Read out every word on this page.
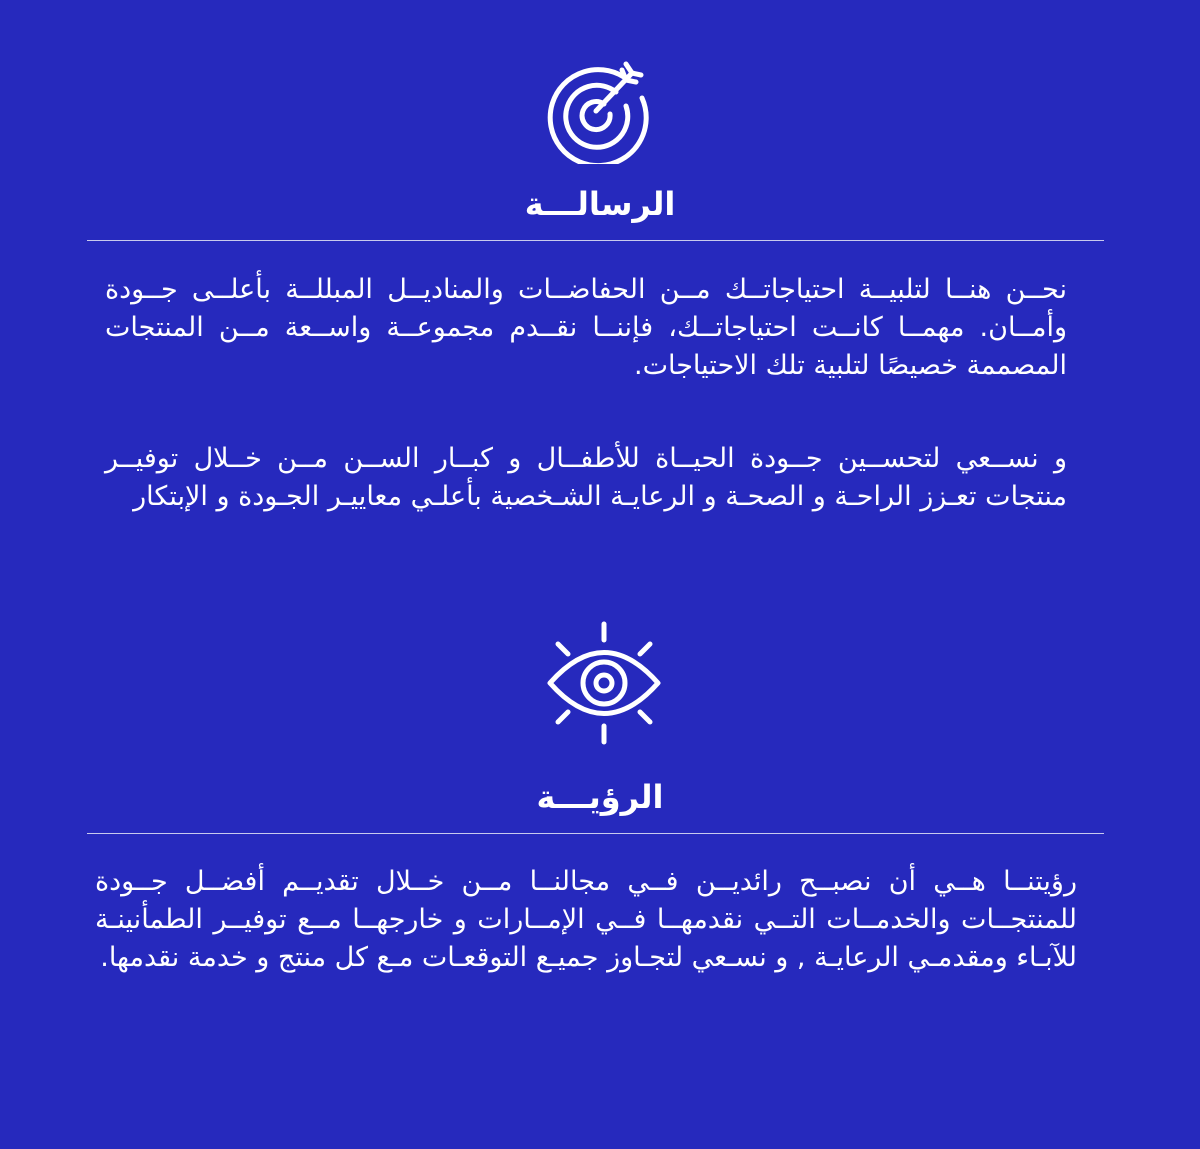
الرسالـــة

نحــن هنــا لتلبيــة احتياجاتــك مــن الحفاضــات والمناديــل المبللــة بأعلــى جــودة وأمــان. مهمــا كانــت احتياجاتــك، فإننــا نقــدم مجموعــة واســعة مــن المنتجات المصممة خصيصًا لتلبية تلك الاحتياجات.

و نســعي لتحســين جــودة الحيــاة للأطفــال و كبــار الســن مــن خــلال توفيــر منتجات تعـزز الراحـة و الصحـة و الرعايـة الشـخصية بأعلـي معاييـر الجـودة و الإبتكار

الرؤيـــة

رؤيتنــا هــي أن نصبــح رائديــن فــي مجالنــا مــن خــلال تقديــم أفضــل جــودة للمنتجــات والخدمــات التــي نقدمهــا فــي الإمــارات و خارجهــا مــع توفيــر الطمأنينـة للآبـاء ومقدمـي الرعايـة , و نسـعي لتجـاوز جميـع التوقعـات مـع كل منتج و خدمة نقدمها.
